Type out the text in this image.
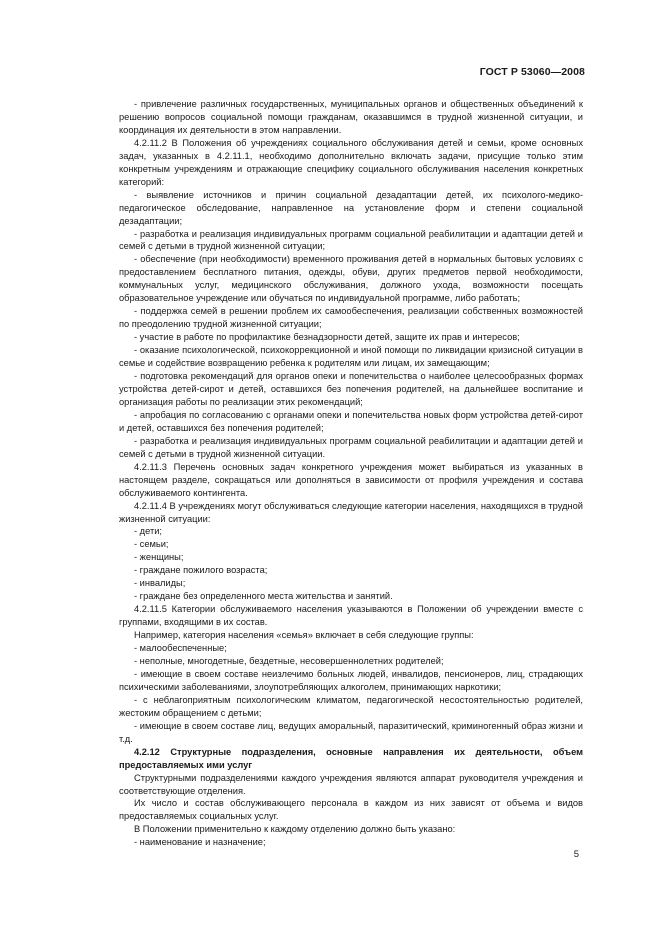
ГОСТ Р 53060—2008

- привлечение различных государственных, муниципальных органов и общественных объединений к решению вопросов социальной помощи гражданам, оказавшимся в трудной жизненной ситуации, и координация их деятельности в этом направлении.

4.2.11.2 В Положения об учреждениях социального обслуживания детей и семьи, кроме основных задач, указанных в 4.2.11.1, необходимо дополнительно включать задачи, присущие только этим конкретным учреждениям и отражающие специфику социального обслуживания населения конкретных категорий:

- выявление источников и причин социальной дезадаптации детей, их психолого-медико-педагогическое обследование, направленное на установление форм и степени социальной дезадаптации;

- разработка и реализация индивидуальных программ социальной реабилитации и адаптации детей и семей с детьми в трудной жизненной ситуации;

- обеспечение (при необходимости) временного проживания детей в нормальных бытовых условиях с предоставлением бесплатного питания, одежды, обуви, других предметов первой необходимости, коммунальных услуг, медицинского обслуживания, должного ухода, возможности посещать образовательное учреждение или обучаться по индивидуальной программе, либо работать;

- поддержка семей в решении проблем их самообеспечения, реализации собственных возможностей по преодолению трудной жизненной ситуации;

- участие в работе по профилактике безнадзорности детей, защите их прав и интересов;

- оказание психологической, психокоррекционной и иной помощи по ликвидации кризисной ситуации в семье и содействие возвращению ребенка к родителям или лицам, их замещающим;

- подготовка рекомендаций для органов опеки и попечительства о наиболее целесообразных формах устройства детей-сирот и детей, оставшихся без попечения родителей, на дальнейшее воспитание и организация работы по реализации этих рекомендаций;

- апробация по согласованию с органами опеки и попечительства новых форм устройства детей-сирот и детей, оставшихся без попечения родителей;

- разработка и реализация индивидуальных программ социальной реабилитации и адаптации детей и семей с детьми в трудной жизненной ситуации.

4.2.11.3 Перечень основных задач конкретного учреждения может выбираться из указанных в настоящем разделе, сокращаться или дополняться в зависимости от профиля учреждения и состава обслуживаемого контингента.

4.2.11.4 В учреждениях могут обслуживаться следующие категории населения, находящихся в трудной жизненной ситуации:

- дети;

- семьи;

- женщины;

- граждане пожилого возраста;

- инвалиды;

- граждане без определенного места жительства и занятий.

4.2.11.5 Категории обслуживаемого населения указываются в Положении об учреждении вместе с группами, входящими в их состав.

Например, категория населения «семья» включает в себя следующие группы:

- малообеспеченные;

- неполные, многодетные, бездетные, несовершеннолетних родителей;

- имеющие в своем составе неизлечимо больных людей, инвалидов, пенсионеров, лиц, страдающих психическими заболеваниями, злоупотребляющих алкоголем, принимающих наркотики;

- с неблагоприятным психологическим климатом, педагогической несостоятельностью родителей, жестоким обращением с детьми;

- имеющие в своем составе лиц, ведущих аморальный, паразитический, криминогенный образ жизни и т.д.

4.2.12 Структурные подразделения, основные направления их деятельности, объем предоставляемых ими услуг

Структурными подразделениями каждого учреждения являются аппарат руководителя учреждения и соответствующие отделения.

Их число и состав обслуживающего персонала в каждом из них зависят от объема и видов предоставляемых социальных услуг.

В Положении применительно к каждому отделению должно быть указано:

- наименование и назначение;

5
